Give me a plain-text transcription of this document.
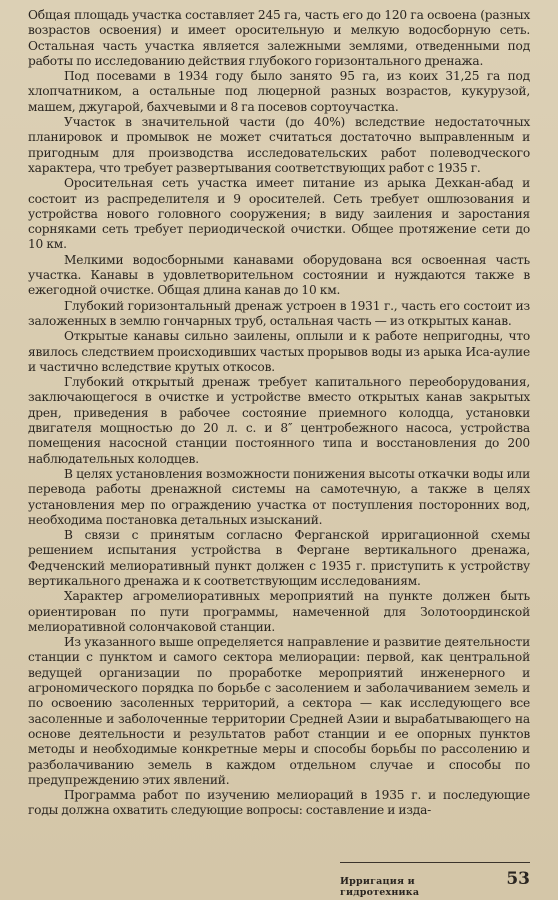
Общая площадь участка составляет 245 га, часть его до 120 га освоена (разных возрастов освоения) и имеет оросительную и мелкую водосборную сеть. Остальная часть участка является залежными землями, отведенными под работы по исследованию действия глубокого горизонтального дренажа.

Под посевами в 1934 году было занято 95 га, из коих 31,25 га под хлопчатником, а остальные под люцерной разных возрастов, кукурузой, машем, джугарой, бахчевыми и 8 га посевов сортоучастка.

Участок в значительной части (до 40%) вследствие недостаточных планировок и промывок не может считаться достаточно выправленным и пригодным для производства исследовательских работ полеводческого характера, что требует развертывания соответствующих работ с 1935 г.

Оросительная сеть участка имеет питание из арыка Дехкан-абад и состоит из распределителя и 9 оросителей. Сеть требует ошлюзования и устройства нового головного сооружения; в виду заиления и заростания сорняками сеть требует периодической очистки. Общее протяжение сети до 10 км.

Мелкими водосборными канавами оборудована вся освоенная часть участка. Канавы в удовлетворительном состоянии и нуждаются также в ежегодной очистке. Общая длина канав до 10 км.

Глубокий горизонтальный дренаж устроен в 1931 г., часть его состоит из заложенных в землю гончарных труб, остальная часть — из открытых канав.

Открытые канавы сильно заилены, оплыли и к работе непригодны, что явилось следствием происходивших частых прорывов воды из арыка Иса-аулие и частично вследствие крутых откосов.

Глубокий открытый дренаж требует капитального переоборудования, заключающегося в очистке и устройстве вместо открытых канав закрытых дрен, приведения в рабочее состояние приемного колодца, установки двигателя мощностью до 20 л. с. и 8″ центробежного насоса, устройства помещения насосной станции постоянного типа и восстановления до 200 наблюдательных колодцев.

В целях установления возможности понижения высоты откачки воды или перевода работы дренажной системы на самотечную, а также в целях установления мер по ограждению участка от поступления посторонних вод, необходима постановка детальных изысканий.

В связи с принятым согласно Ферганской ирригационной схемы решением испытания устройства в Фергане вертикального дренажа, Федченский мелиоративный пункт должен с 1935 г. приступить к устройству вертикального дренажа и к соответствующим исследованиям.

Характер агромелиоративных мероприятий на пункте должен быть ориентирован по пути программы, намеченной для Золотоординской мелиоративной солончаковой станции.

Из указанного выше определяется направление и развитие деятельности станции с пунктом и самого сектора мелиорации: первой, как центральной ведущей организации по проработке мероприятий инженерного и агрономического порядка по борьбе с засолением и заболачиванием земель и по освоению засоленных территорий, а сектора — как исследующего все засоленные и заболоченные территории Средней Азии и вырабатывающего на основе деятельности и результатов работ станции и ее опорных пунктов методы и необходимые конкретные меры и способы борьбы по рассолению и разболачиванию земель в каждом отдельном случае и способы по предупреждению этих явлений.

Программа работ по изучению мелиораций в 1935 г. и последующие годы должна охватить следующие вопросы: составление и изда-

Ирригация и гидротехника
53
